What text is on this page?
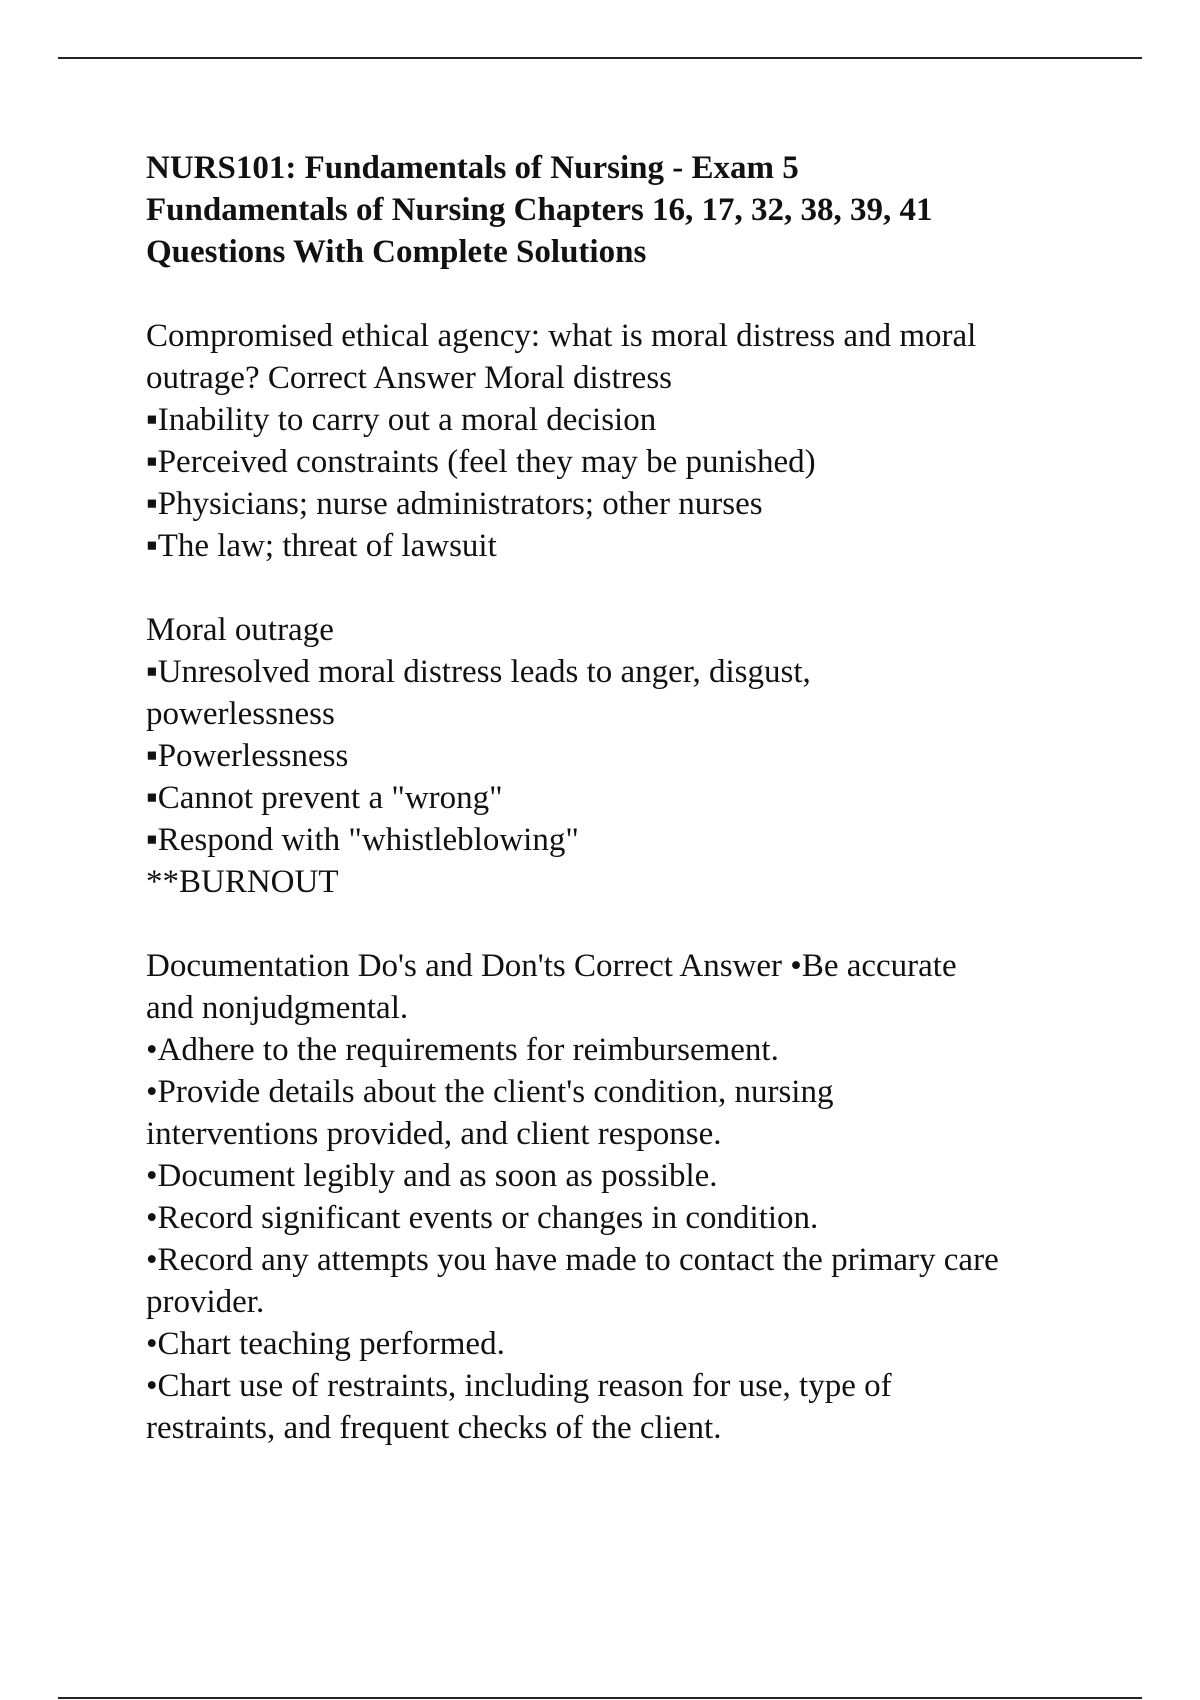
NURS101: Fundamentals of Nursing - Exam 5
Fundamentals of Nursing Chapters 16, 17, 32, 38, 39, 41
Questions With Complete Solutions
Compromised ethical agency: what is moral distress and moral
outrage? Correct Answer Moral distress
▪Inability to carry out a moral decision
▪Perceived constraints (feel they may be punished)
▪Physicians; nurse administrators; other nurses
▪The law; threat of lawsuit
Moral outrage
▪Unresolved moral distress leads to anger, disgust,
powerlessness
▪Powerlessness
▪Cannot prevent a "wrong"
▪Respond with "whistleblowing"
**BURNOUT
Documentation Do's and Don'ts Correct Answer •Be accurate
and nonjudgmental.
•Adhere to the requirements for reimbursement.
•Provide details about the client's condition, nursing
interventions provided, and client response.
•Document legibly and as soon as possible.
•Record significant events or changes in condition.
•Record any attempts you have made to contact the primary care
provider.
•Chart teaching performed.
•Chart use of restraints, including reason for use, type of
restraints, and frequent checks of the client.
